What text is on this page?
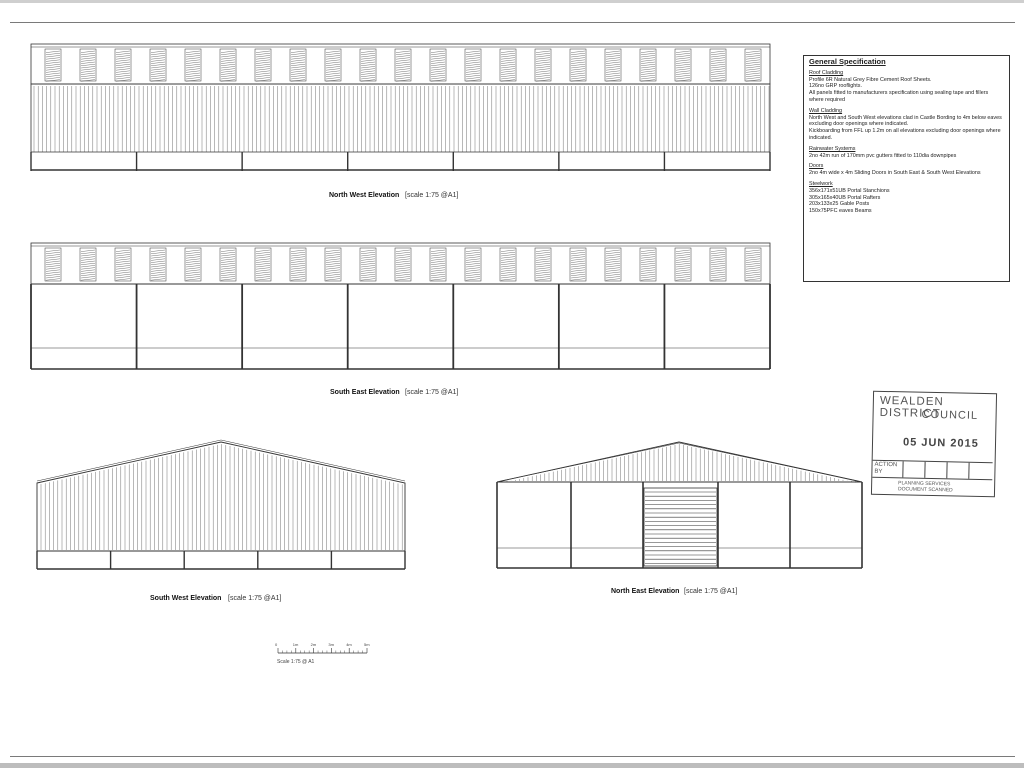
0	1m	2m	3m	4m	5m
North West Elevation [scale 1:75 @A1]
South East Elevation [scale 1:75 @A1]
South West Elevation [scale 1:75 @A1]
North East Elevation [scale 1:75 @A1]
Scale 1:75 @ A1
General Specification
Roof Cladding
Profile 6R Natural Grey Fibre Cement Roof Sheets.
126no GRP rooflights.
All panels fitted to manufacturers specification using sealing tape and fillers where required
Wall Cladding
North West and South West elevations clad in Castle Bording to 4m below eaves excluding door openings where indicated.
Kickboarding from FFL up 1.2m on all elevations excluding door openings where indicated.
Rainwater Systems
2no 42m run of 170mm pvc gutters fitted to 110dia downpipes
Doors
2no 4m wide x 4m Sliding Doors in South East & South West Elevations
Steelwork
356x171x51UB Portal Stanchions
305x165x40UB Portal Rafters
203x133x25 Gable Posts
150x75PFC eaves Beams
WEALDEN DISTRICT
COUNCIL
05 JUN 2015
ACTION
BY
PLANNING SERVICES
DOCUMENT SCANNED
